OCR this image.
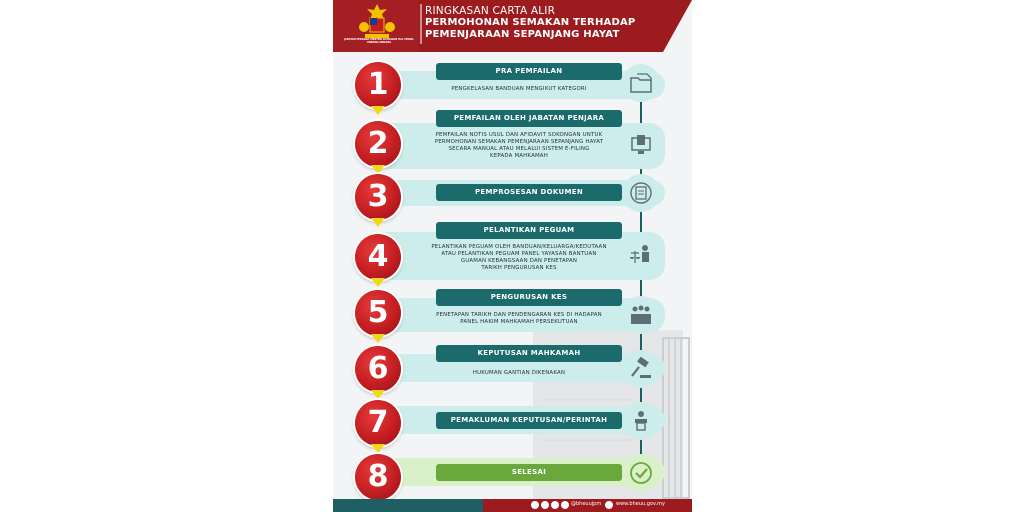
JABATAN PERDANA MENTERI BAHAGIAN HAL EHWAL UNDANG-UNDANG
RINGKASAN CARTA ALIR
PERMOHONAN SEMAKAN TERHADAP
PEMENJARAAN SEPANJANG HAYAT
PRA PEMFAILAN
PENGKELASAN BANDUAN MENGIKUT KATEGORI
1
PEMFAILAN OLEH JABATAN PENJARA
PEMFAILAN NOTIS USUL DAN AFIDAVIT SOKONGAN UNTUK
PERMOHONAN SEMAKAN PEMENJARAAN SEPANJANG HAYAT
SECARA MANUAL ATAU MELALUI SISTEM E-FILING
KEPADA MAHKAMAH
2
PEMPROSESAN DOKUMEN
3
PELANTIKAN PEGUAM
PELANTIKAN PEGUAM OLEH BANDUAN/KELUARGA/KEDUTAAN
ATAU PELANTIKAN PEGUAM PANEL YAYASAN BANTUAN
GUAMAN KEBANGSAAN DAN PENETAPAN
TARIKH PENGURUSAN KES
4
PENGURUSAN KES
PENETAPAN TARIKH DAN PENDENGARAN KES DI HADAPAN
PANEL HAKIM MAHKAMAH PERSEKUTUAN
5
KEPUTUSAN MAHKAMAH
HUKUMAN GANTIAN DIKENAKAN
6
PEMAKLUMAN KEPUTUSAN/PERINTAH
7
SELESAI
8
@bheuujpm	www.bheuu.gov.my
